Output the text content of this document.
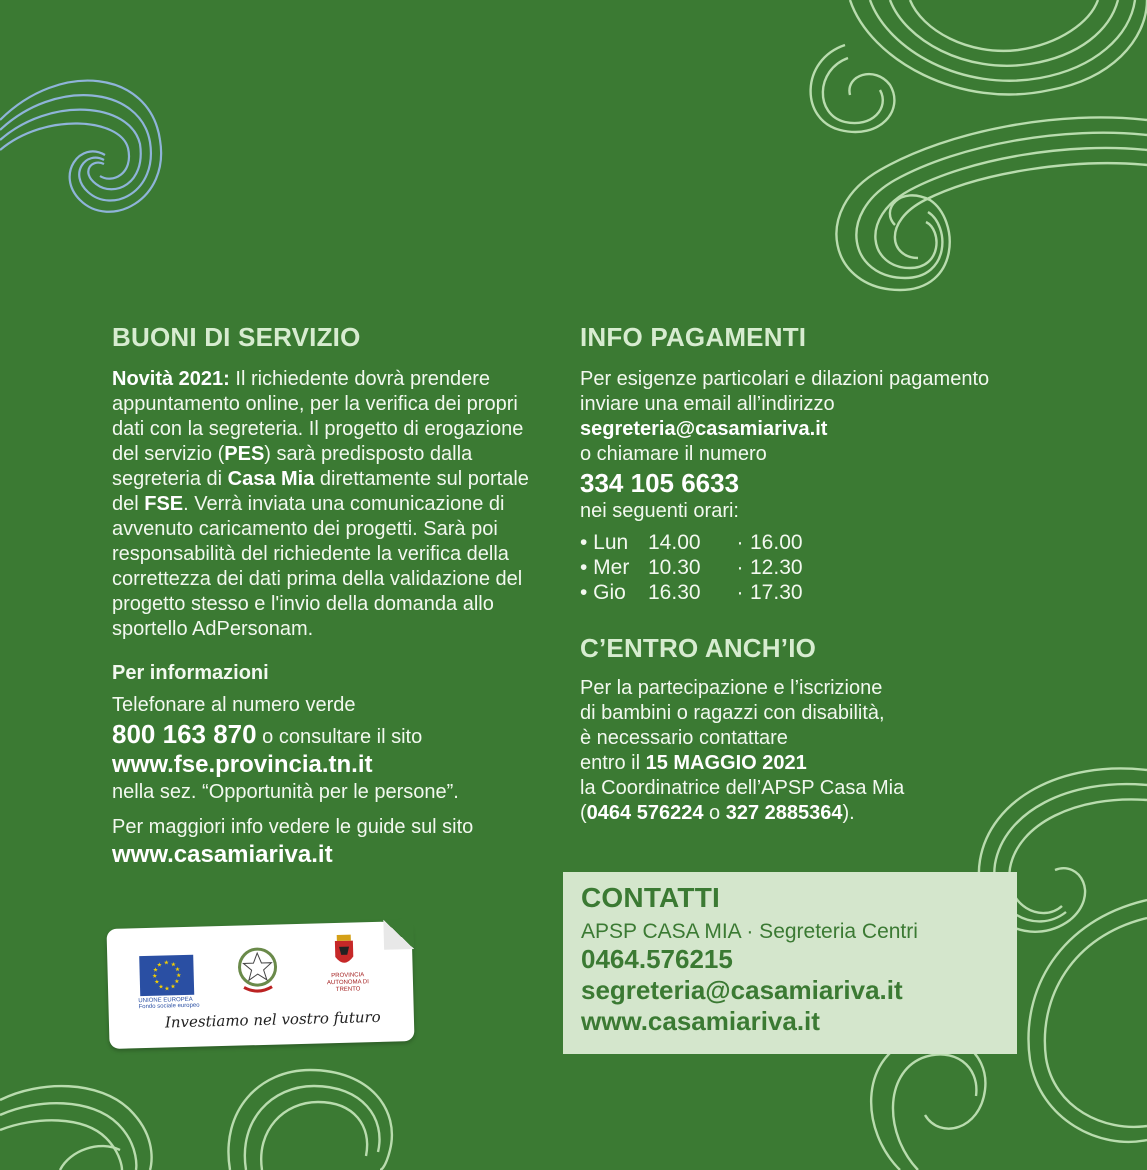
BUONI DI SERVIZIO

Novità 2021: Il richiedente dovrà prendere appuntamento online, per la verifica dei propri dati con la segreteria. Il progetto di erogazione del servizio (PES) sarà predisposto dalla segreteria di Casa Mia direttamente sul portale del FSE. Verrà inviata una comunicazione di avvenuto caricamento dei progetti. Sarà poi responsabilità del richiedente la verifica della correttezza dei dati prima della validazione del progetto stesso e l'invio della domanda allo sportello AdPersonam.

Per informazioni

Telefonare al numero verde

800 163 870 o consultare il sito

www.fse.provincia.tn.it

nella sez. “Opportunità per le persone”.

Per maggiori info vedere le guide sul sito

www.casamiariva.it

INFO PAGAMENTI

Per esigenze particolari e dilazioni pagamento inviare una email all’indirizzo

segreteria@casamiariva.it

o chiamare il numero

334 105 6633

nei seguenti orari:

• Lun 14.00	· 16.00
• Mer 10.30	· 12.30
• Gio	16.30	· 17.30
C’ENTRO ANCH’IO

Per la partecipazione e l’iscrizione

di bambini o ragazzi con disabilità,

è necessario contattare

entro il 15 MAGGIO 2021

la Coordinatrice dell’APSP Casa Mia

(0464 576224 o 327 2885364).

CONTATTI
APSP CASA MIA · Segreteria Centri
0464.576215
segreteria@casamiariva.it
www.casamiariva.it
★ ★
★
★
★
★
★
★
★
★
★
★
UNIONE EUROPEA Fondo sociale europeo
PROVINCIA AUTONOMA DI TRENTO
Investiamo nel vostro futuro
